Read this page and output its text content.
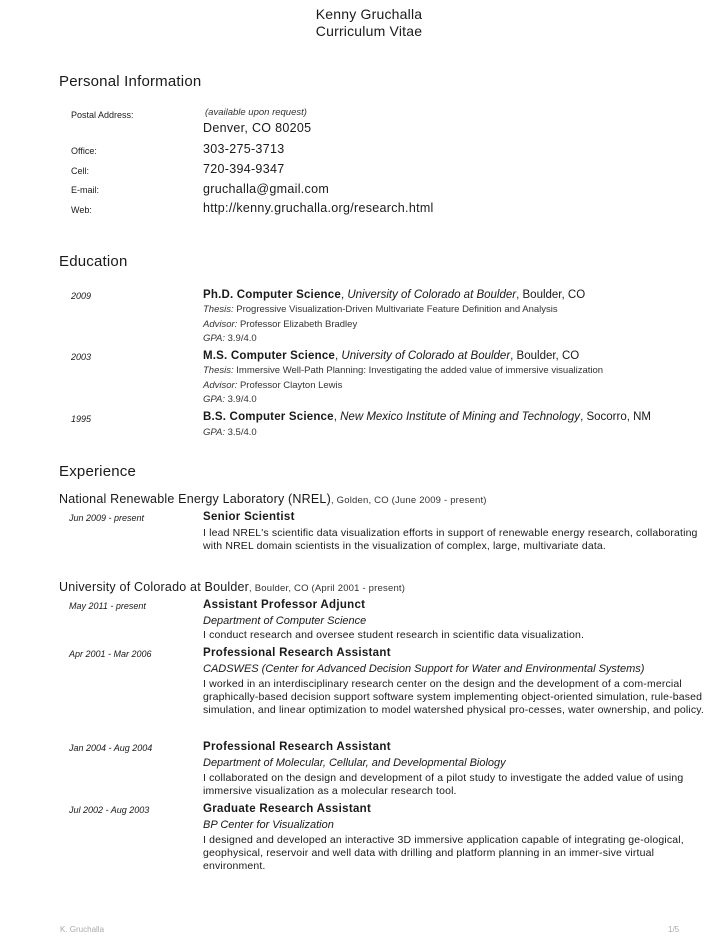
Kenny Gruchalla
Curriculum Vitae
Personal Information
Postal Address:	(available upon request)
Denver, CO 80205
Office:	303-275-3713
Cell:	720-394-9347
E-mail:	gruchalla@gmail.com
Web:	http://kenny.gruchalla.org/research.html
Education
2009	Ph.D. Computer Science, University of Colorado at Boulder, Boulder, CO
Thesis: Progressive Visualization-Driven Multivariate Feature Definition and Analysis
Advisor: Professor Elizabeth Bradley
GPA: 3.9/4.0
2003	M.S. Computer Science, University of Colorado at Boulder, Boulder, CO
Thesis: Immersive Well-Path Planning: Investigating the added value of immersive visualization
Advisor: Professor Clayton Lewis
GPA: 3.9/4.0
1995	B.S. Computer Science, New Mexico Institute of Mining and Technology, Socorro, NM
GPA: 3.5/4.0
Experience
National Renewable Energy Laboratory (NREL), Golden, CO (June 2009 - present)
Jun 2009 - present	Senior Scientist
I lead NREL's scientific data visualization efforts in support of renewable energy research, collaborating with NREL domain scientists in the visualization of complex, large, multivariate data.
University of Colorado at Boulder, Boulder, CO (April 2001 - present)
May 2011 - present	Assistant Professor Adjunct
Department of Computer Science
I conduct research and oversee student research in scientific data visualization.
Apr 2001 - Mar 2006	Professional Research Assistant
CADSWES (Center for Advanced Decision Support for Water and Environmental Systems)
I worked in an interdisciplinary research center on the design and the development of a com-mercial graphically-based decision support software system implementing object-oriented simulation, rule-based simulation, and linear optimization to model watershed physical pro-cesses, water ownership, and policy.
Jan 2004 - Aug 2004	Professional Research Assistant
Department of Molecular, Cellular, and Developmental Biology
I collaborated on the design and development of a pilot study to investigate the added value of using immersive visualization as a molecular research tool.
Jul 2002 - Aug 2003	Graduate Research Assistant
BP Center for Visualization
I designed and developed an interactive 3D immersive application capable of integrating ge-ological, geophysical, reservoir and well data with drilling and platform planning in an immer-sive virtual environment.
K. Gruchalla	1/5
